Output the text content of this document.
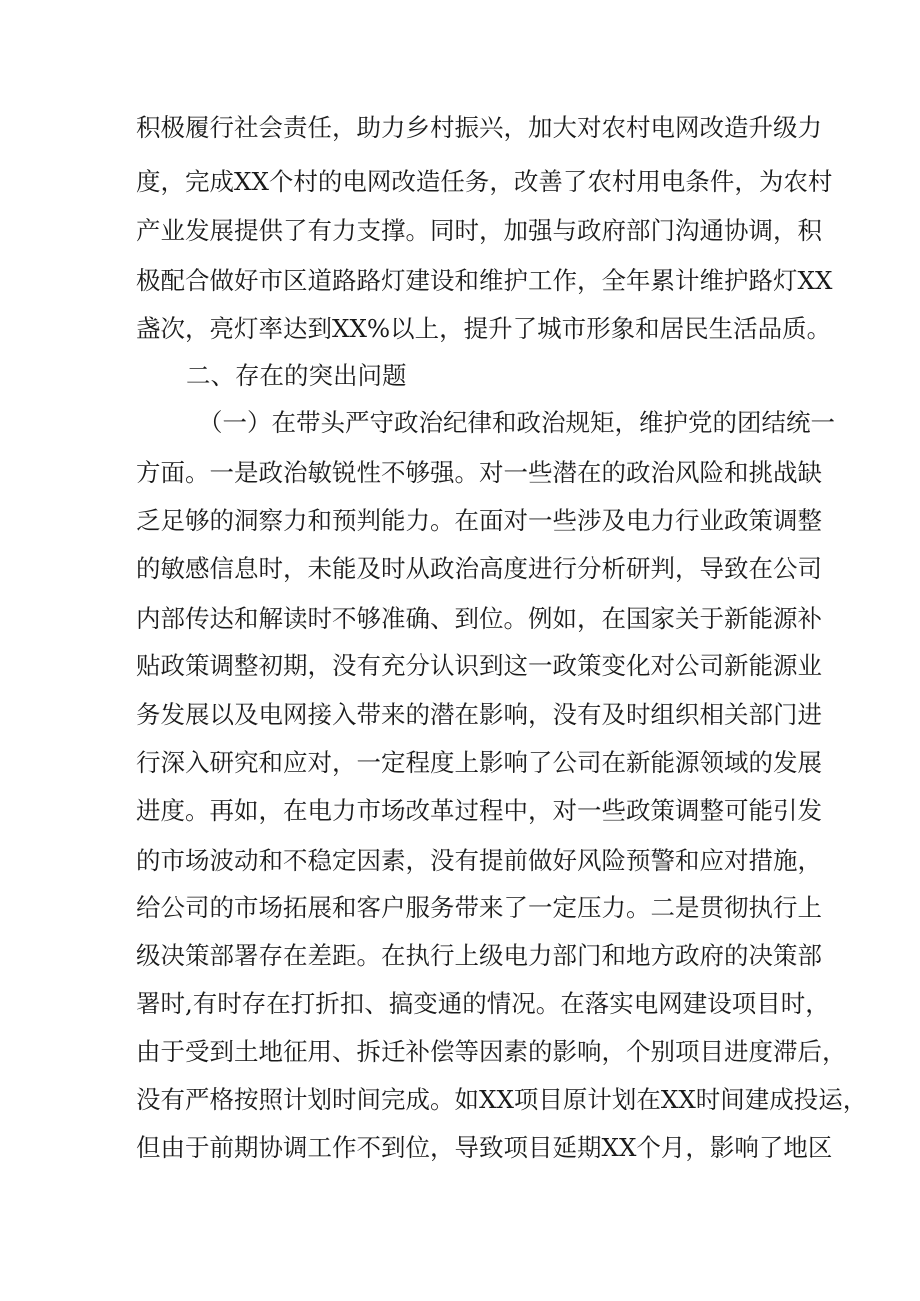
积极履行社会责任，助力乡村振兴，加大对农村电网改造升级力
度，完成XX个村的电网改造任务，改善了农村用电条件，为农村
产业发展提供了有力支撑。同时，加强与政府部门沟通协调，积
极配合做好市区道路路灯建设和维护工作，全年累计维护路灯XX
盏次，亮灯率达到XX%以上，提升了城市形象和居民生活品质。
二、存在的突出问题
（一）在带头严守政治纪律和政治规矩，维护党的团结统一
方面。一是政治敏锐性不够强。对一些潜在的政治风险和挑战缺
乏足够的洞察力和预判能力。在面对一些涉及电力行业政策调整
的敏感信息时，未能及时从政治高度进行分析研判，导致在公司
内部传达和解读时不够准确、到位。例如，在国家关于新能源补
贴政策调整初期，没有充分认识到这一政策变化对公司新能源业
务发展以及电网接入带来的潜在影响，没有及时组织相关部门进
行深入研究和应对，一定程度上影响了公司在新能源领域的发展
进度。再如，在电力市场改革过程中，对一些政策调整可能引发
的市场波动和不稳定因素，没有提前做好风险预警和应对措施，
给公司的市场拓展和客户服务带来了一定压力。二是贯彻执行上
级决策部署存在差距。在执行上级电力部门和地方政府的决策部
署时,有时存在打折扣、搞变通的情况。在落实电网建设项目时，
由于受到土地征用、拆迁补偿等因素的影响，个别项目进度滞后，
没有严格按照计划时间完成。如XX项目原计划在XX时间建成投运，
但由于前期协调工作不到位，导致项目延期XX个月，影响了地区
